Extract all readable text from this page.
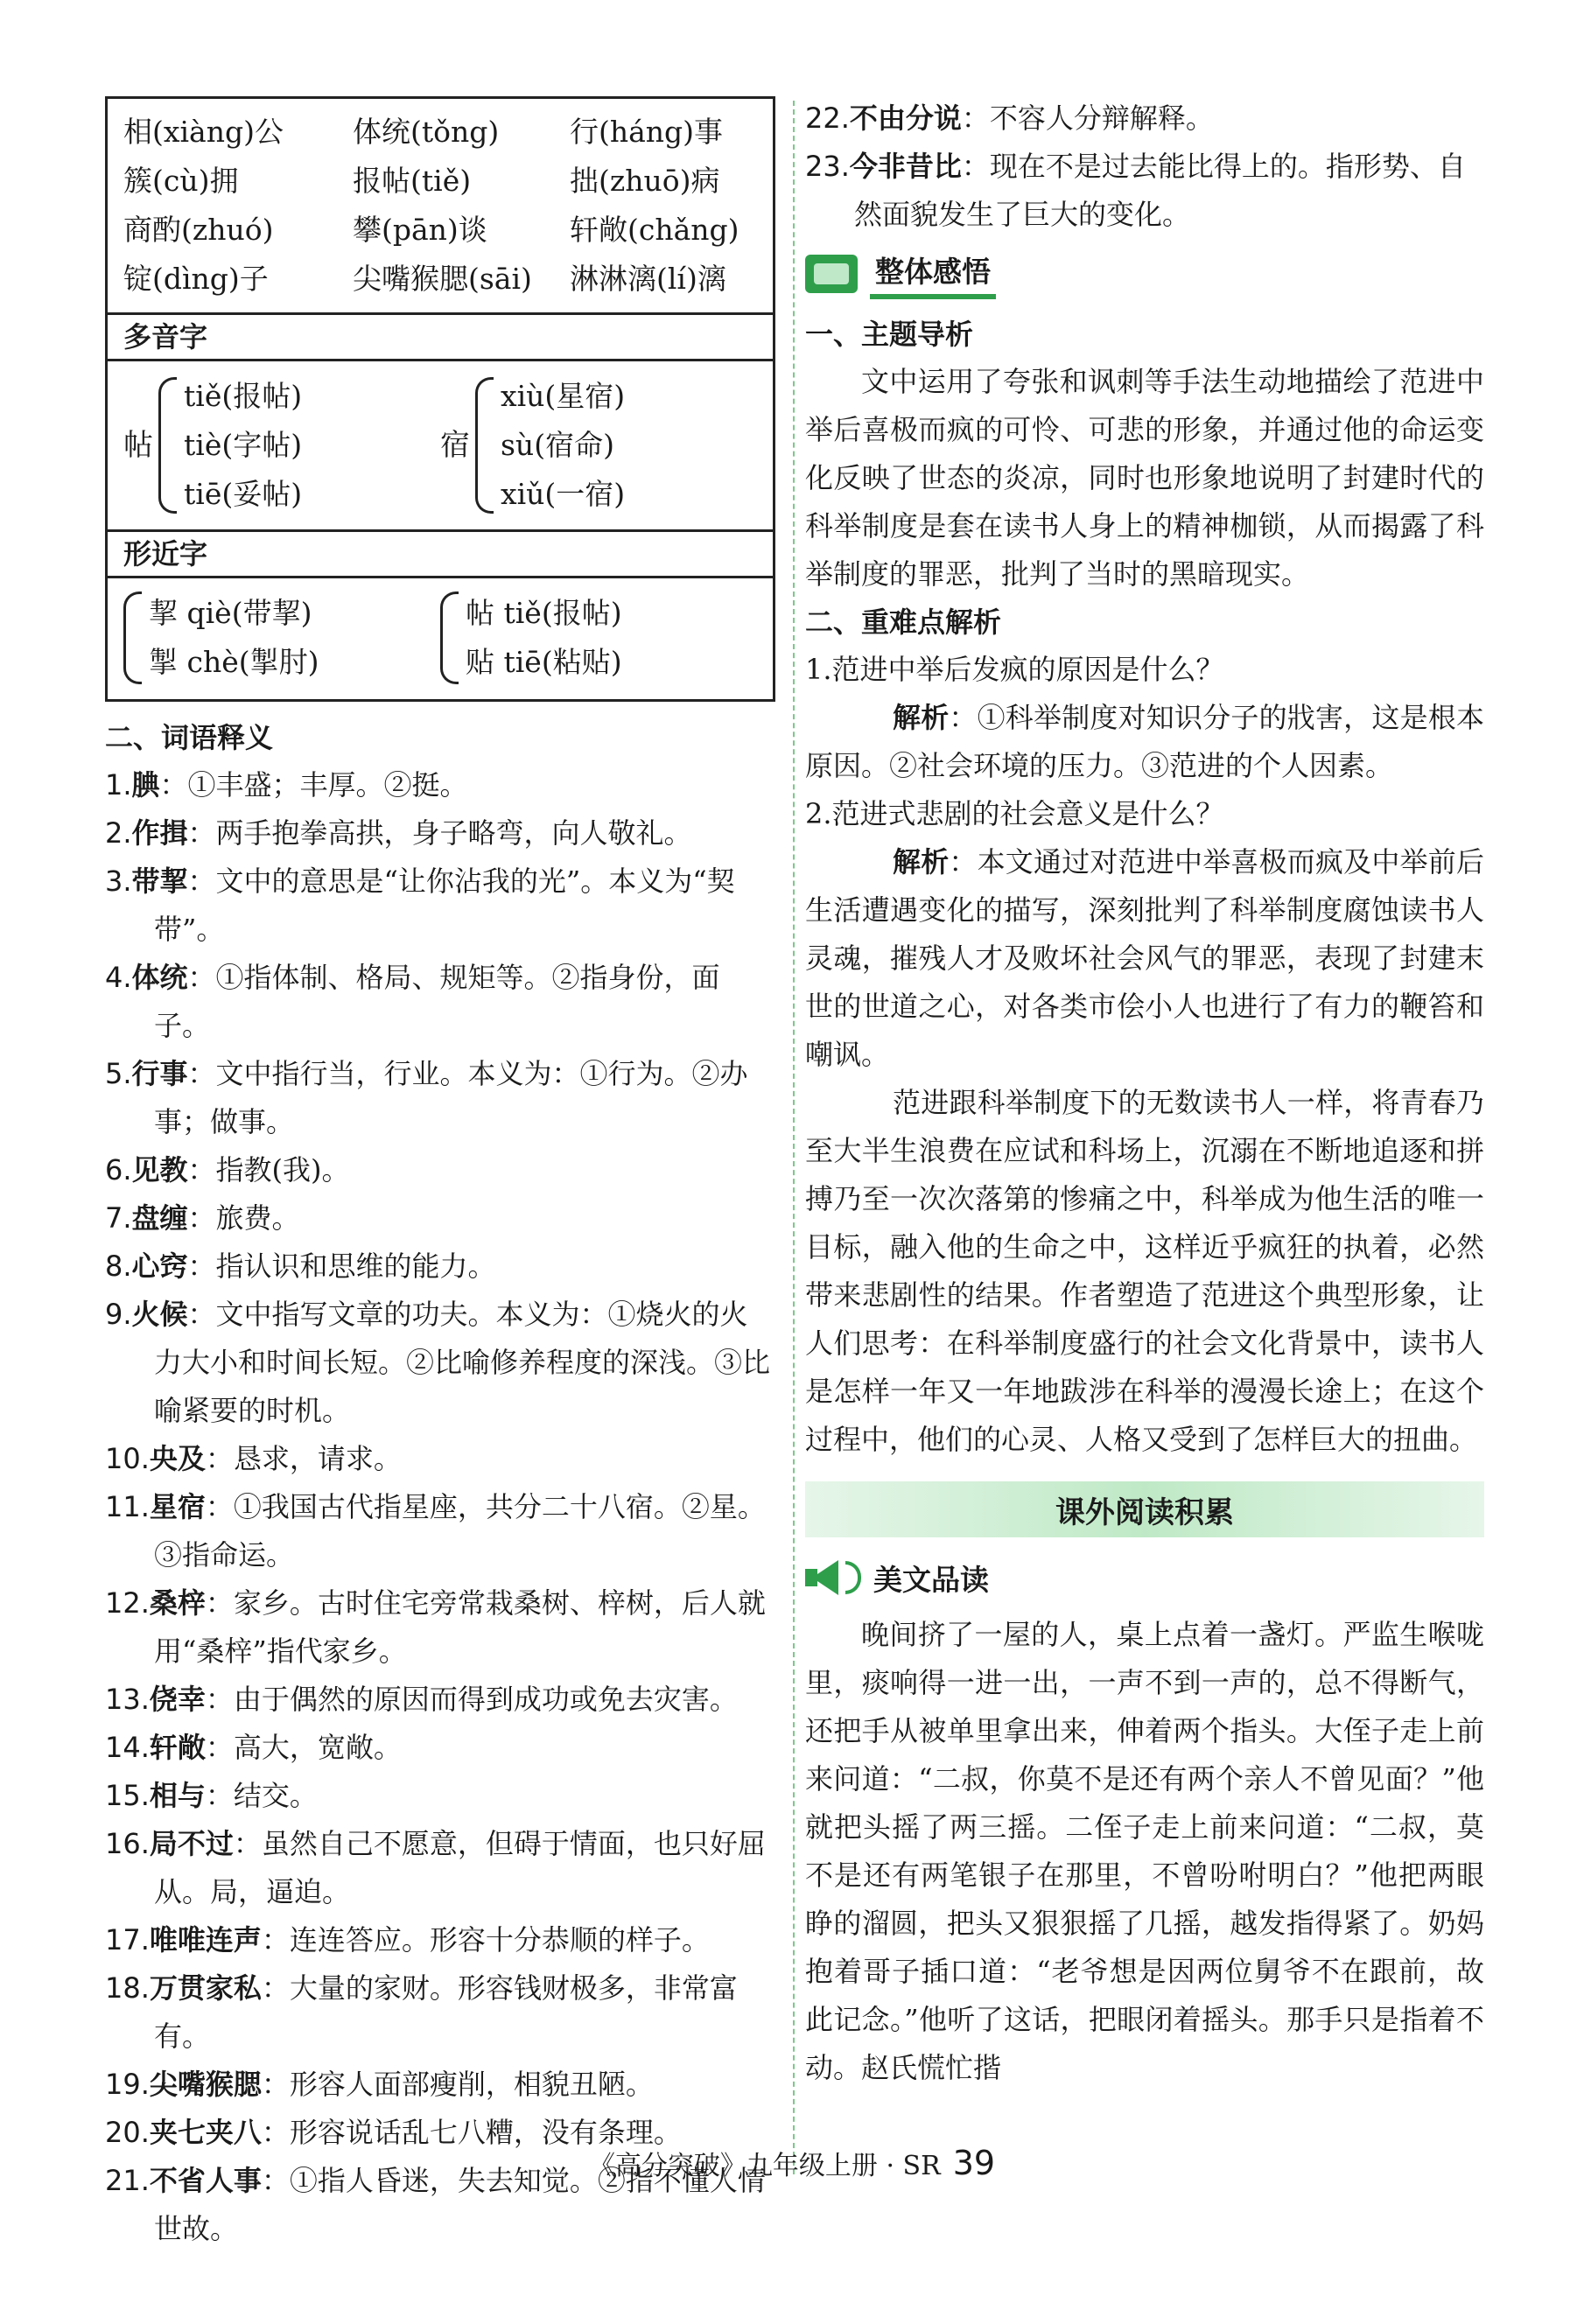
相(xiàng)公	体统(tǒng)	行(háng)事
簇(cù)拥	报帖(tiě)	拙(zhuō)病
商酌(zhuó)	攀(pān)谈	轩敞(chǎng)
锭(dìng)子	尖嘴猴腮(sāi)	淋淋漓(lí)漓
多音字
帖
tiě(报帖)
tiè(字帖)
tiē(妥帖)
宿
xiù(星宿)
sù(宿命)
xiǔ(一宿)
形近字
挈 qiè(带挈)
掣 chè(掣肘)
帖 tiě(报帖)
贴 tiē(粘贴)

二、词语释义

1.腆：①丰盛；丰厚。②挺。

2.作揖：两手抱拳高拱，身子略弯，向人敬礼。

3.带挈：文中的意思是“让你沾我的光”。本义为“契带”。

4.体统：①指体制、格局、规矩等。②指身份，面子。

5.行事：文中指行当，行业。本义为：①行为。②办事；做事。

6.见教：指教(我)。

7.盘缠：旅费。

8.心窍：指认识和思维的能力。

9.火候：文中指写文章的功夫。本义为：①烧火的火力大小和时间长短。②比喻修养程度的深浅。③比喻紧要的时机。

10.央及：恳求，请求。

11.星宿：①我国古代指星座，共分二十八宿。②星。③指命运。

12.桑梓：家乡。古时住宅旁常栽桑树、梓树，后人就用“桑梓”指代家乡。

13.侥幸：由于偶然的原因而得到成功或免去灾害。

14.轩敞：高大，宽敞。

15.相与：结交。

16.局不过：虽然自己不愿意，但碍于情面，也只好屈从。局，逼迫。

17.唯唯连声：连连答应。形容十分恭顺的样子。

18.万贯家私：大量的家财。形容钱财极多，非常富有。

19.尖嘴猴腮：形容人面部瘦削，相貌丑陋。

20.夹七夹八：形容说话乱七八糟，没有条理。

21.不省人事：①指人昏迷，失去知觉。②指不懂人情世故。

22.不由分说：不容人分辩解释。

23.今非昔比：现在不是过去能比得上的。指形势、自然面貌发生了巨大的变化。

整体感悟

一、主题导析

文中运用了夸张和讽刺等手法生动地描绘了范进中举后喜极而疯的可怜、可悲的形象，并通过他的命运变化反映了世态的炎凉，同时也形象地说明了封建时代的科举制度是套在读书人身上的精神枷锁，从而揭露了科举制度的罪恶，批判了当时的黑暗现实。

二、重难点解析

1.范进中举后发疯的原因是什么？

解析：①科举制度对知识分子的戕害，这是根本原因。②社会环境的压力。③范进的个人因素。

2.范进式悲剧的社会意义是什么？

解析：本文通过对范进中举喜极而疯及中举前后生活遭遇变化的描写，深刻批判了科举制度腐蚀读书人灵魂，摧残人才及败坏社会风气的罪恶，表现了封建末世的世道之心，对各类市侩小人也进行了有力的鞭笞和嘲讽。

范进跟科举制度下的无数读书人一样，将青春乃至大半生浪费在应试和科场上，沉溺在不断地追逐和拼搏乃至一次次落第的惨痛之中，科举成为他生活的唯一目标，融入他的生命之中，这样近乎疯狂的执着，必然带来悲剧性的结果。作者塑造了范进这个典型形象，让人们思考：在科举制度盛行的社会文化背景中，读书人是怎样一年又一年地跋涉在科举的漫漫长途上；在这个过程中，他们的心灵、人格又受到了怎样巨大的扭曲。

课外阅读积累
美文品读

晚间挤了一屋的人，桌上点着一盏灯。严监生喉咙里，痰响得一进一出，一声不到一声的，总不得断气，还把手从被单里拿出来，伸着两个指头。大侄子走上前来问道：“二叔，你莫不是还有两个亲人不曾见面？”他就把头摇了两三摇。二侄子走上前来问道：“二叔，莫不是还有两笔银子在那里，不曾吩咐明白？”他把两眼睁的溜圆，把头又狠狠摇了几摇，越发指得紧了。奶妈抱着哥子插口道：“老爷想是因两位舅爷不在跟前，故此记念。”他听了这话，把眼闭着摇头。那手只是指着不动。赵氏慌忙揩

《高分突破》九年级上册 · SR 39
